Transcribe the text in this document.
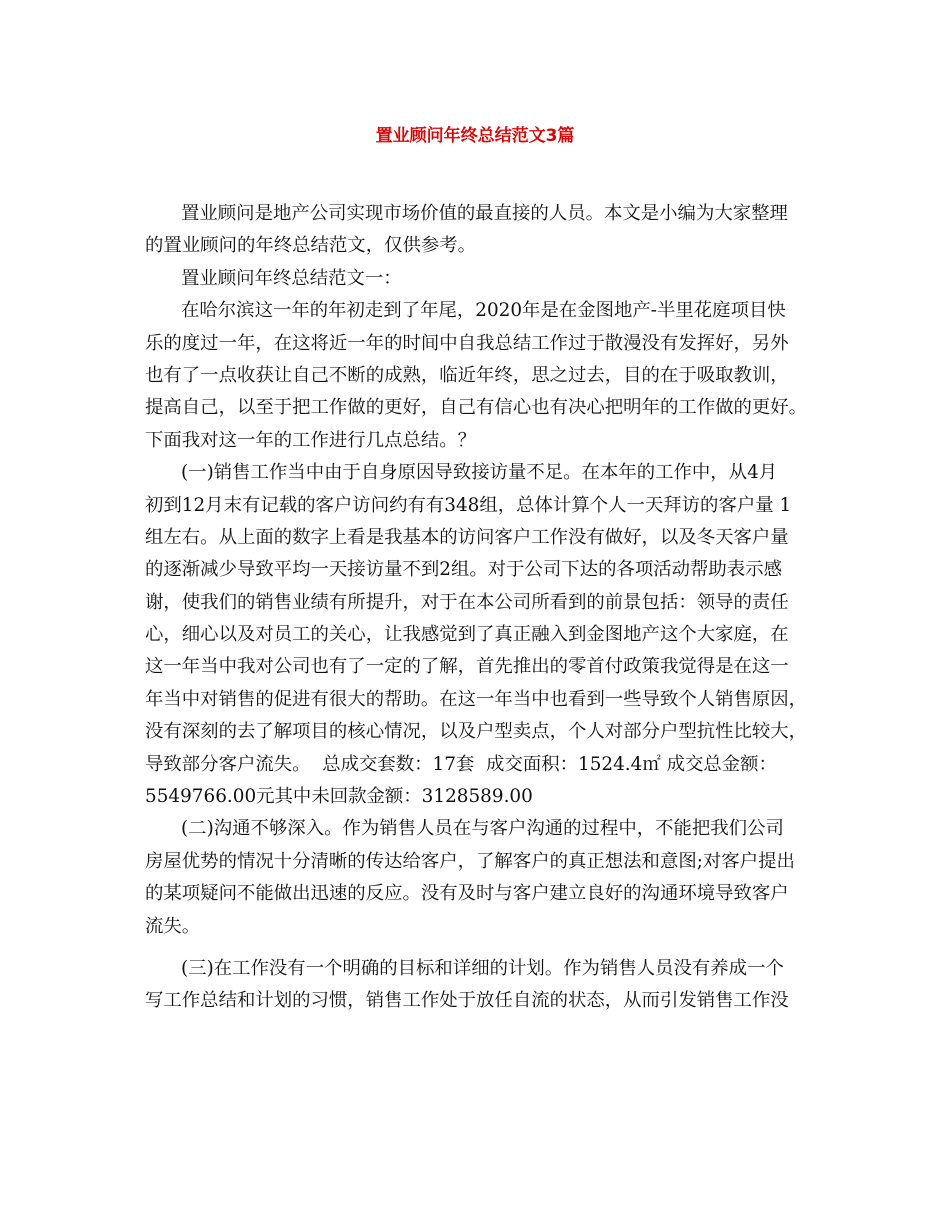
置业顾问年终总结范文3篇
置业顾问是地产公司实现市场价值的最直接的人员。本文是小编为大家整理
的置业顾问的年终总结范文，仅供参考。
置业顾问年终总结范文一：
在哈尔滨这一年的年初走到了年尾，2020年是在金图地产-半里花庭项目快
乐的度过一年，在这将近一年的时间中自我总结工作过于散漫没有发挥好，另外
也有了一点收获让自己不断的成熟，临近年终，思之过去，目的在于吸取教训，
提高自己，以至于把工作做的更好，自己有信心也有决心把明年的工作做的更好。
下面我对这一年的工作进行几点总结。？
(一)销售工作当中由于自身原因导致接访量不足。在本年的工作中，从4月
初到12月末有记载的客户访问约有有348组，总体计算个人一天拜访的客户量 1
组左右。从上面的数字上看是我基本的访问客户工作没有做好，以及冬天客户量
的逐渐减少导致平均一天接访量不到2组。对于公司下达的各项活动帮助表示感
谢，使我们的销售业绩有所提升，对于在本公司所看到的前景包括：领导的责任
心，细心以及对员工的关心，让我感觉到了真正融入到金图地产这个大家庭，在
这一年当中我对公司也有了一定的了解，首先推出的零首付政策我觉得是在这一
年当中对销售的促进有很大的帮助。在这一年当中也看到一些导致个人销售原因，
没有深刻的去了解项目的核心情况，以及户型卖点，个人对部分户型抗性比较大，
导致部分客户流失。  总成交套数：17套  成交面积：1524.4㎡ 成交总金额：
5549766.00元其中未回款金额：3128589.00
(二)沟通不够深入。作为销售人员在与客户沟通的过程中，不能把我们公司
房屋优势的情况十分清晰的传达给客户，了解客户的真正想法和意图;对客户提出
的某项疑问不能做出迅速的反应。没有及时与客户建立良好的沟通环境导致客户
流失。
(三)在工作没有一个明确的目标和详细的计划。作为销售人员没有养成一个
写工作总结和计划的习惯，销售工作处于放任自流的状态，从而引发销售工作没
